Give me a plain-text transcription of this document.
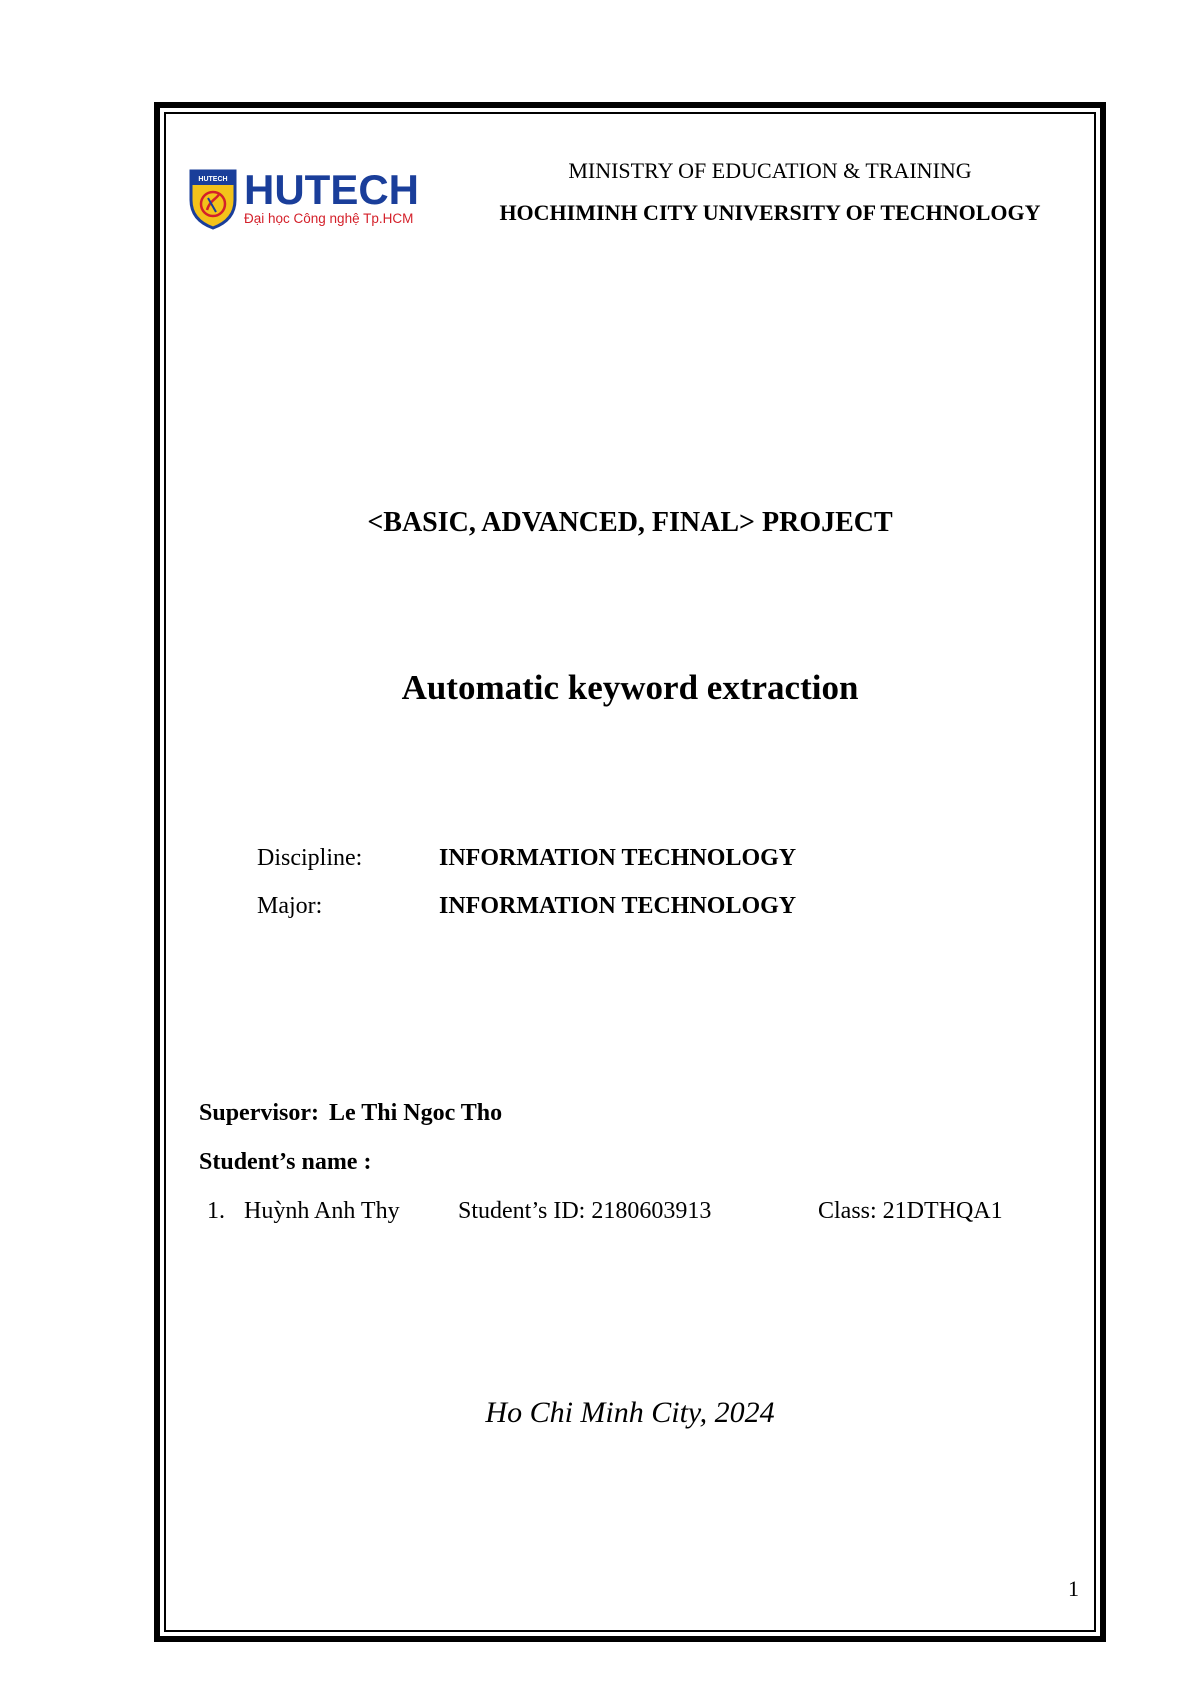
HUTECH HUTECH
Đại học Công nghệ Tp.HCM
MINISTRY OF EDUCATION & TRAINING
HOCHIMINH CITY UNIVERSITY OF TECHNOLOGY
<BASIC, ADVANCED, FINAL> PROJECT
Automatic keyword extraction
Discipline:	INFORMATION TECHNOLOGY
Major:	INFORMATION TECHNOLOGY
Supervisor: Le Thi Ngoc Tho
Student’s name :
1. Huỳnh Anh Thy Student’s ID: 2180603913	Class: 21DTHQA1
Ho Chi Minh City, 2024
1
